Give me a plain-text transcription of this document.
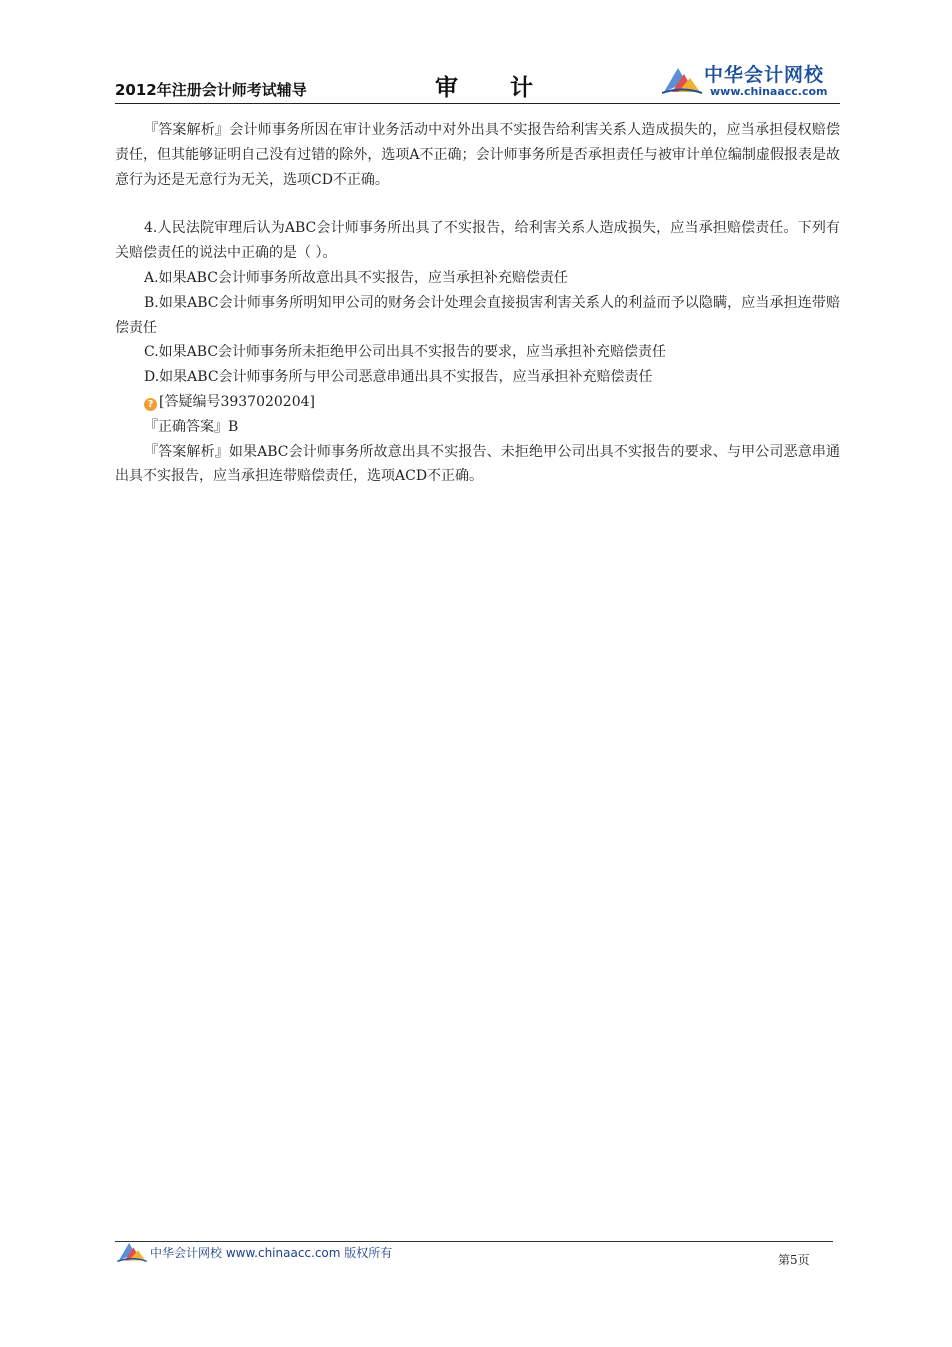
2012年注册会计师考试辅导	审计	中华会计网校
www.chinaacc.com

『答案解析』会计师事务所因在审计业务活动中对外出具不实报告给利害关系人造成损失的，应当承担侵权赔偿责任，但其能够证明自己没有过错的除外，选项A不正确；会计师事务所是否承担责任与被审计单位编制虚假报表是故意行为还是无意行为无关，选项CD不正确。

4.人民法院审理后认为ABC会计师事务所出具了不实报告，给利害关系人造成损失，应当承担赔偿责任。下列有关赔偿责任的说法中正确的是（ ）。

A.如果ABC会计师事务所故意出具不实报告，应当承担补充赔偿责任

B.如果ABC会计师事务所明知甲公司的财务会计处理会直接损害利害关系人的利益而予以隐瞒，应当承担连带赔偿责任

C.如果ABC会计师事务所未拒绝甲公司出具不实报告的要求，应当承担补充赔偿责任

D.如果ABC会计师事务所与甲公司恶意串通出具不实报告，应当承担补充赔偿责任

? [答疑编号3937020204]

『正确答案』B

『答案解析』如果ABC会计师事务所故意出具不实报告、未拒绝甲公司出具不实报告的要求、与甲公司恶意串通出具不实报告，应当承担连带赔偿责任，选项ACD不正确。

中华会计网校 www.chinaacc.com 版权所有	第5页
